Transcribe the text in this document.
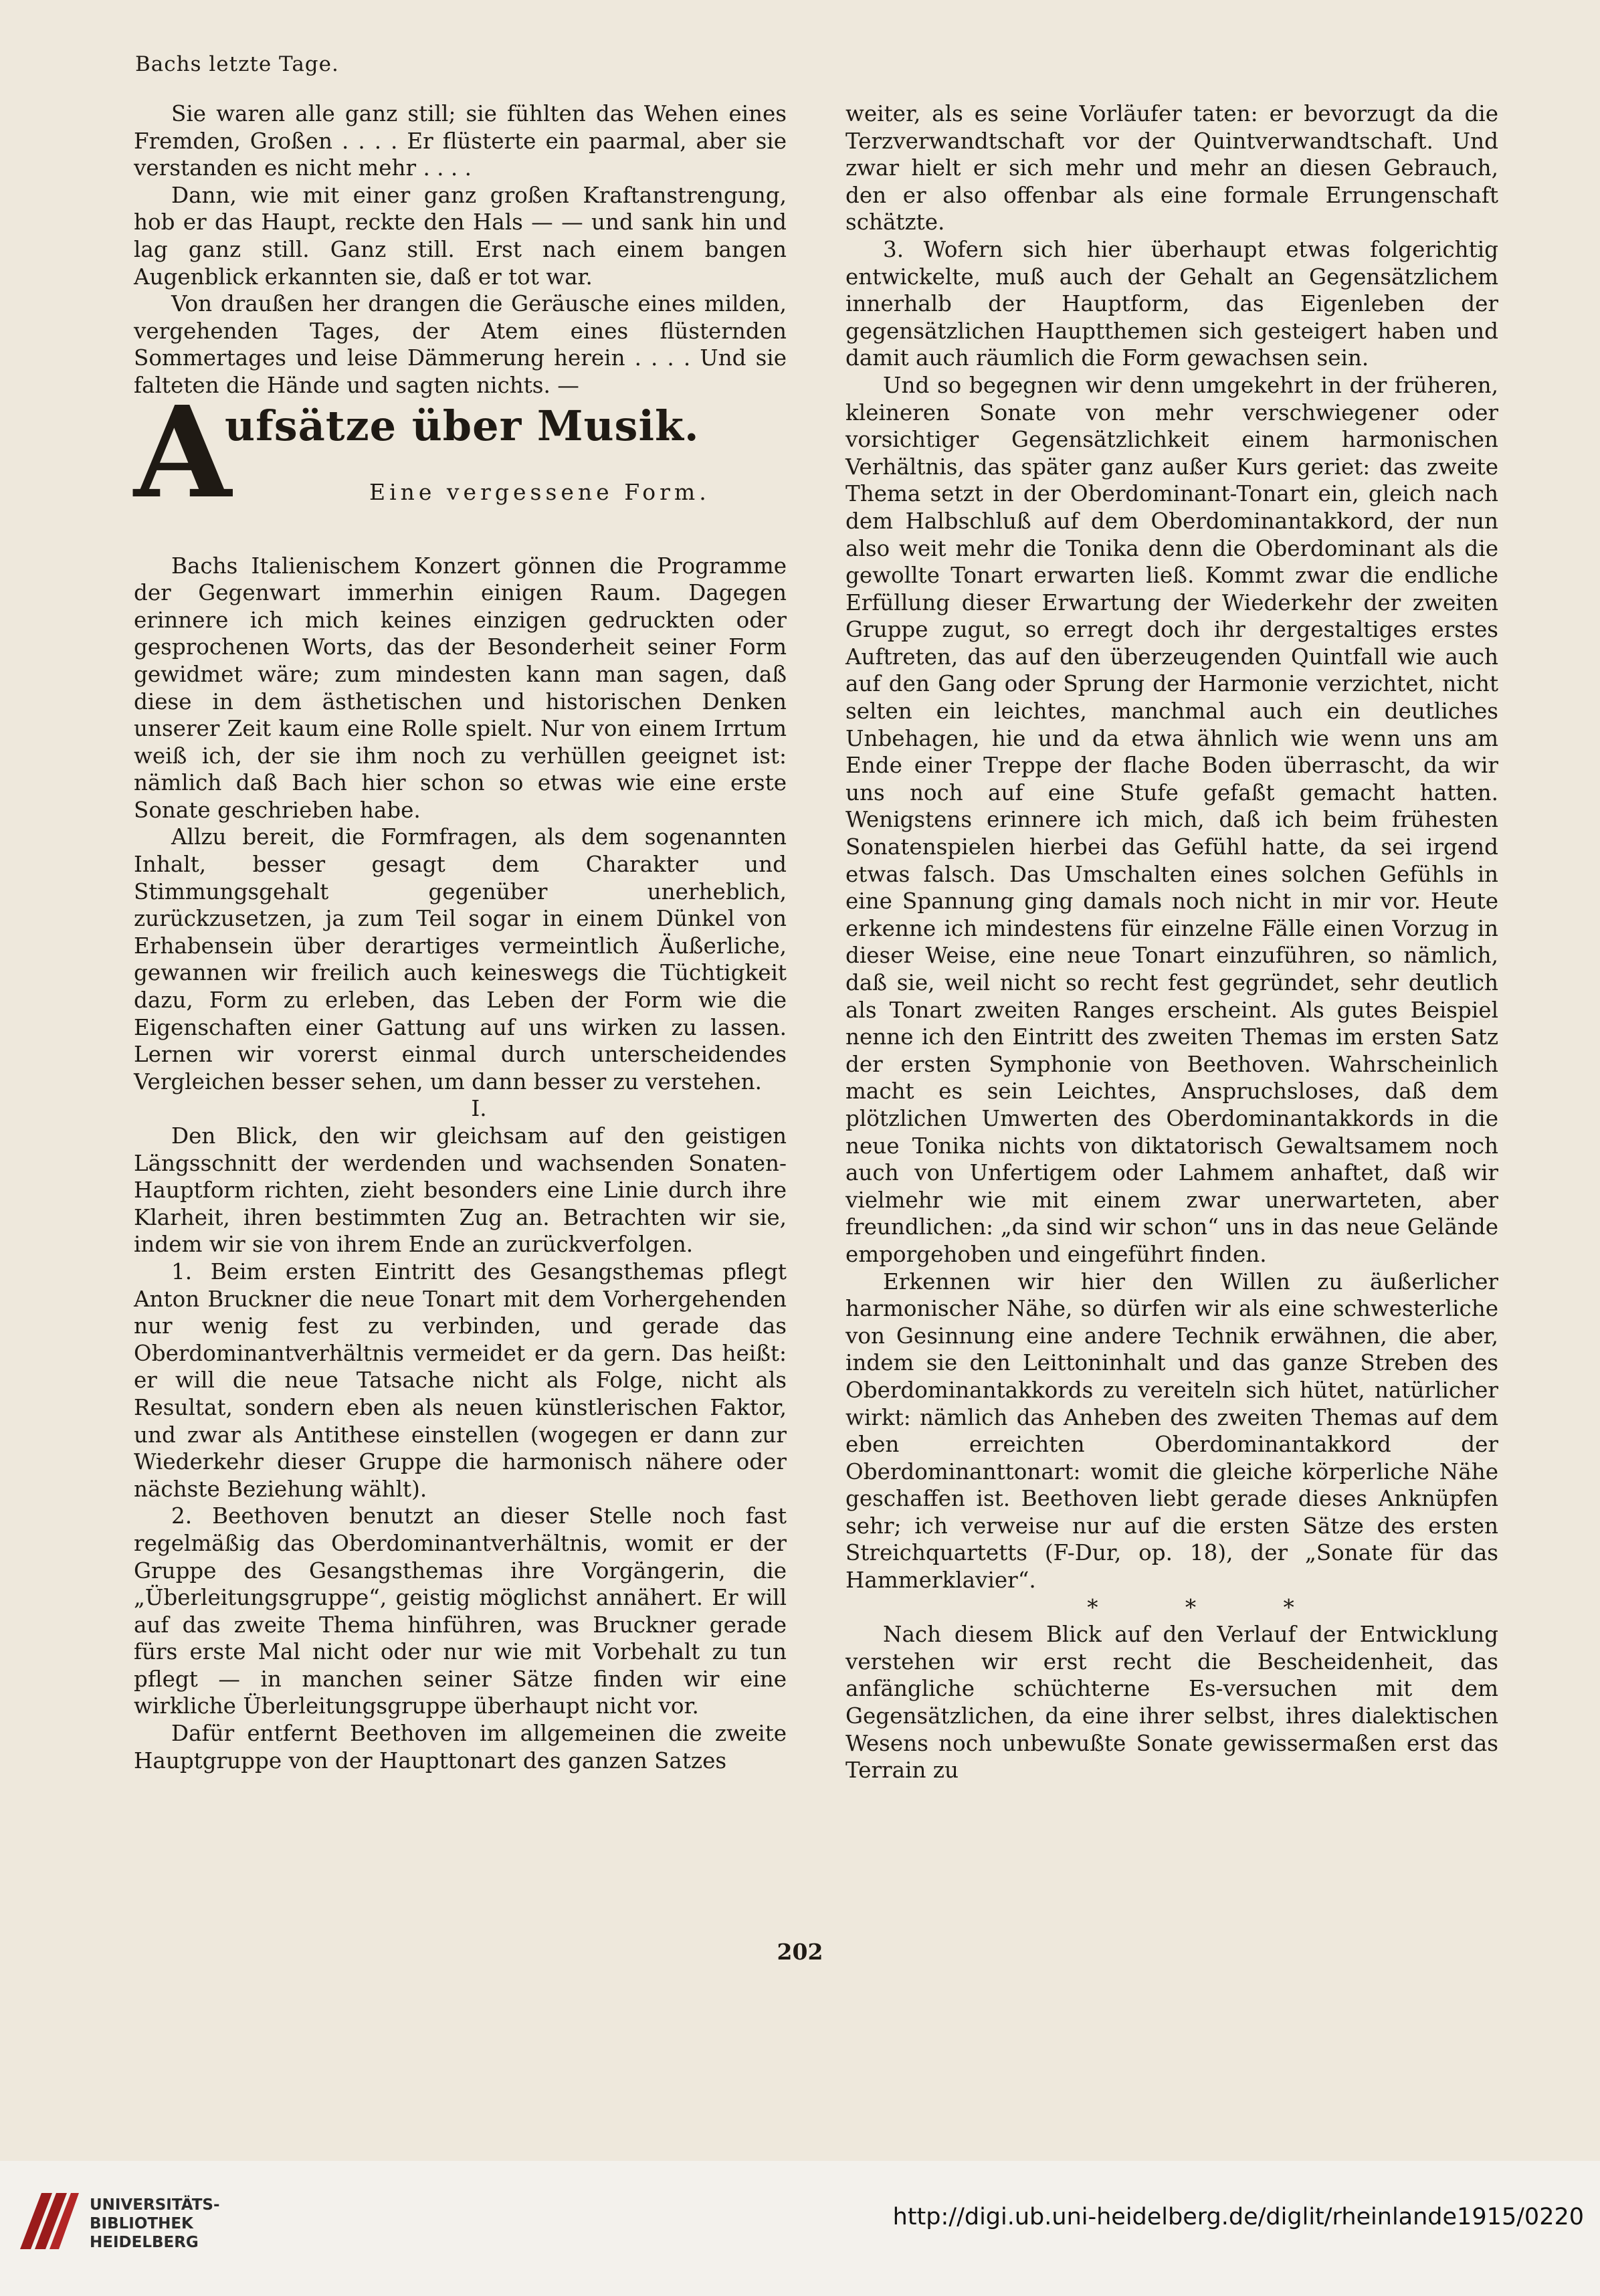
Bachs letzte Tage.

Sie waren alle ganz still; sie fühlten das Wehen eines Fremden, Großen . . . . Er flüsterte ein paarmal, aber sie verstanden es nicht mehr . . . .

Dann, wie mit einer ganz großen Kraftanstrengung, hob er das Haupt, reckte den Hals — — und sank hin und lag ganz still. Ganz still. Erst nach einem bangen Augenblick erkannten sie, daß er tot war.

Von draußen her drangen die Geräusche eines milden, vergehenden Tages, der Atem eines flüsternden Sommertages und leise Dämmerung herein . . . . Und sie falteten die Hände und sagten nichts. —

A
ufsätze über Musik.
Eine vergessene Form.

Bachs Italienischem Konzert gönnen die Programme der Gegenwart immerhin einigen Raum. Dagegen erinnere ich mich keines einzigen gedruckten oder gesprochenen Worts, das der Besonderheit seiner Form gewidmet wäre; zum mindesten kann man sagen, daß diese in dem ästhetischen und historischen Denken unserer Zeit kaum eine Rolle spielt. Nur von einem Irrtum weiß ich, der sie ihm noch zu verhüllen geeignet ist: nämlich daß Bach hier schon so etwas wie eine erste Sonate geschrieben habe.

Allzu bereit, die Formfragen, als dem sogenannten Inhalt, besser gesagt dem Charakter und Stimmungsgehalt gegenüber unerheblich, zurückzusetzen, ja zum Teil sogar in einem Dünkel von Erhabensein über derartiges vermeintlich Äußerliche, gewannen wir freilich auch keineswegs die Tüchtigkeit dazu, Form zu erleben, das Leben der Form wie die Eigenschaften einer Gattung auf uns wirken zu lassen. Lernen wir vorerst einmal durch unterscheidendes Vergleichen besser sehen, um dann besser zu verstehen.

I.

Den Blick, den wir gleichsam auf den geistigen Längsschnitt der werdenden und wachsenden Sonaten-Hauptform richten, zieht besonders eine Linie durch ihre Klarheit, ihren bestimmten Zug an. Betrachten wir sie, indem wir sie von ihrem Ende an zurückverfolgen.

1. Beim ersten Eintritt des Gesangsthemas pflegt Anton Bruckner die neue Tonart mit dem Vorhergehenden nur wenig fest zu verbinden, und gerade das Oberdominantverhältnis vermeidet er da gern. Das heißt: er will die neue Tatsache nicht als Folge, nicht als Resultat, sondern eben als neuen künstlerischen Faktor, und zwar als Antithese einstellen (wogegen er dann zur Wiederkehr dieser Gruppe die harmonisch nähere oder nächste Beziehung wählt).

2. Beethoven benutzt an dieser Stelle noch fast regelmäßig das Oberdominantverhältnis, womit er der Gruppe des Gesangsthemas ihre Vorgängerin, die „Überleitungsgruppe“, geistig möglichst annähert. Er will auf das zweite Thema hinführen, was Bruckner gerade fürs erste Mal nicht oder nur wie mit Vorbehalt zu tun pflegt — in manchen seiner Sätze finden wir eine wirkliche Überleitungsgruppe überhaupt nicht vor.

Dafür entfernt Beethoven im allgemeinen die zweite Hauptgruppe von der Haupttonart des ganzen Satzes

weiter, als es seine Vorläufer taten: er bevorzugt da die Terzverwandtschaft vor der Quintverwandtschaft. Und zwar hielt er sich mehr und mehr an diesen Gebrauch, den er also offenbar als eine formale Errungenschaft schätzte.

3. Wofern sich hier überhaupt etwas folgerichtig entwickelte, muß auch der Gehalt an Gegensätzlichem innerhalb der Hauptform, das Eigenleben der gegensätzlichen Hauptthemen sich gesteigert haben und damit auch räumlich die Form gewachsen sein.

Und so begegnen wir denn umgekehrt in der früheren, kleineren Sonate von mehr verschwiegener oder vorsichtiger Gegensätzlichkeit einem harmonischen Verhältnis, das später ganz außer Kurs geriet: das zweite Thema setzt in der Oberdominant-Tonart ein, gleich nach dem Halbschluß auf dem Oberdominantakkord, der nun also weit mehr die Tonika denn die Oberdominant als die gewollte Tonart erwarten ließ. Kommt zwar die endliche Erfüllung dieser Erwartung der Wiederkehr der zweiten Gruppe zugut, so erregt doch ihr dergestaltiges erstes Auftreten, das auf den überzeugenden Quintfall wie auch auf den Gang oder Sprung der Harmonie verzichtet, nicht selten ein leichtes, manchmal auch ein deutliches Unbehagen, hie und da etwa ähnlich wie wenn uns am Ende einer Treppe der flache Boden überrascht, da wir uns noch auf eine Stufe gefaßt gemacht hatten. Wenigstens erinnere ich mich, daß ich beim frühesten Sonatenspielen hierbei das Gefühl hatte, da sei irgend etwas falsch. Das Umschalten eines solchen Gefühls in eine Spannung ging damals noch nicht in mir vor. Heute erkenne ich mindestens für einzelne Fälle einen Vorzug in dieser Weise, eine neue Tonart einzuführen, so nämlich, daß sie, weil nicht so recht fest gegründet, sehr deutlich als Tonart zweiten Ranges erscheint. Als gutes Beispiel nenne ich den Eintritt des zweiten Themas im ersten Satz der ersten Symphonie von Beethoven. Wahrscheinlich macht es sein Leichtes, Anspruchsloses, daß dem plötzlichen Umwerten des Oberdominantakkords in die neue Tonika nichts von diktatorisch Gewaltsamem noch auch von Unfertigem oder Lahmem anhaftet, daß wir vielmehr wie mit einem zwar unerwarteten, aber freundlichen: „da sind wir schon“ uns in das neue Gelände emporgehoben und eingeführt finden.

Erkennen wir hier den Willen zu äußerlicher harmonischer Nähe, so dürfen wir als eine schwesterliche von Gesinnung eine andere Technik erwähnen, die aber, indem sie den Leittoninhalt und das ganze Streben des Oberdominantakkords zu vereiteln sich hütet, natürlicher wirkt: nämlich das Anheben des zweiten Themas auf dem eben erreichten Oberdominantakkord der Oberdominanttonart: womit die gleiche körperliche Nähe geschaffen ist. Beethoven liebt gerade dieses Anknüpfen sehr; ich verweise nur auf die ersten Sätze des ersten Streichquartetts (F-Dur, op. 18), der „Sonate für das Hammerklavier“.

* * *

Nach diesem Blick auf den Verlauf der Entwicklung verstehen wir erst recht die Bescheidenheit, das anfängliche schüchterne Es-versuchen mit dem Gegensätzlichen, da eine ihrer selbst, ihres dialektischen Wesens noch unbewußte Sonate gewissermaßen erst das Terrain zu

202
UNIVERSITÄTS-
BIBLIOTHEK
HEIDELBERG
http://digi.ub.uni-heidelberg.de/diglit/rheinlande1915/0220
